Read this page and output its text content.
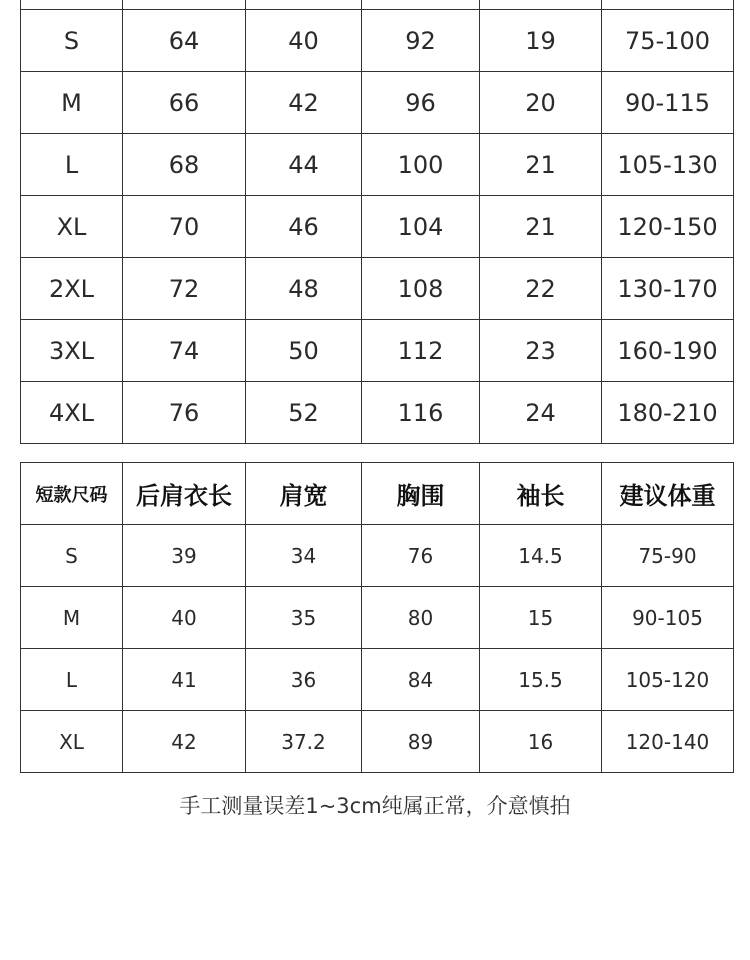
S	64	40	92	19	75-100
M	66	42	96	20	90-115
L	68	44	100	21	105-130
XL	70	46	104	21	120-150
2XL	72	48	108	22	130-170
3XL	74	50	112	23	160-190
4XL	76	52	116	24	180-210
短款尺码	后肩衣长	肩宽	胸围	袖长	建议体重
S	39	34	76	14.5	75-90
M	40	35	80	15	90-105
L	41	36	84	15.5	105-120
XL	42	37.2	89	16	120-140
手工测量误差1~3cm纯属正常，介意慎拍
